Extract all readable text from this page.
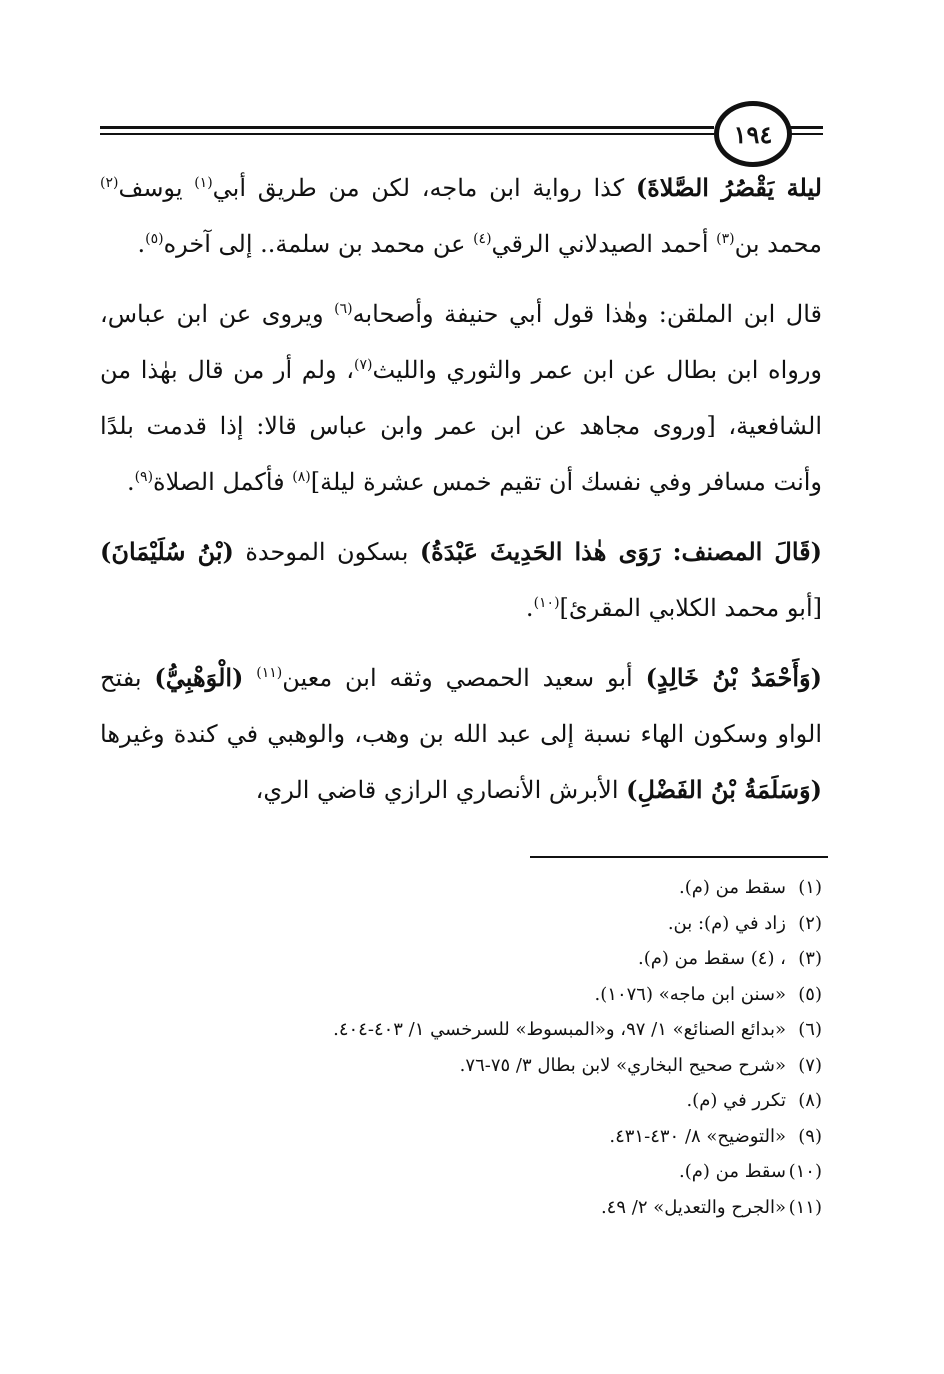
١٩٤

ليلة يَقْصُرُ الصَّلاةَ) كذا رواية ابن ماجه، لكن من طريق أبي$^{(١)}$ يوسف$^{(٢)}$ محمد بن$^{(٣)}$ أحمد الصيدلاني الرقي$^{(٤)}$ عن محمد بن سلمة.. إلى آخره$^{(٥)}$.

قال ابن الملقن: وهٰذا قول أبي حنيفة وأصحابه$^{(٦)}$ ويروى عن ابن عباس، ورواه ابن بطال عن ابن عمر والثوري والليث$^{(٧)}$، ولم أر من قال بهٰذا من الشافعية، [وروى مجاهد عن ابن عمر وابن عباس قالا: إذا قدمت بلدًا وأنت مسافر وفي نفسك أن تقيم خمس عشرة ليلة]$^{(٨)}$ فأكمل الصلاة$^{(٩)}$.

(قَالَ المصنف: رَوَى هٰذا الحَدِيثَ عَبْدَةُ) بسكون الموحدة (بْنُ سُلَيْمَانَ) [أبو محمد الكلابي المقرئ]$^{(١٠)}$.

(وَأَحْمَدُ بْنُ خَالِدٍ) أبو سعيد الحمصي وثقه ابن معين$^{(١١)}$ (الْوَهْبِيُّ) بفتح الواو وسكون الهاء نسبة إلى عبد الله بن وهب، والوهبي في كندة وغيرها (وَسَلَمَةُ بْنُ الفَضْلِ) الأبرش الأنصاري الرازي قاضي الري،

(١)سقط من (م).
(٢)زاد في (م): بن.
(٣)، (٤) سقط من (م).
(٥)«سنن ابن ماجه» (١٠٧٦).
(٦)«بدائع الصنائع» ١/ ٩٧، و«المبسوط» للسرخسي ١/ ٤٠٣-٤٠٤.
(٧)«شرح صحيح البخاري» لابن بطال ٣/ ٧٥-٧٦.
(٨)تكرر في (م).
(٩)«التوضيح» ٨/ ٤٣٠-٤٣١.
(١٠)سقط من (م).
(١١)«الجرح والتعديل» ٢/ ٤٩.
